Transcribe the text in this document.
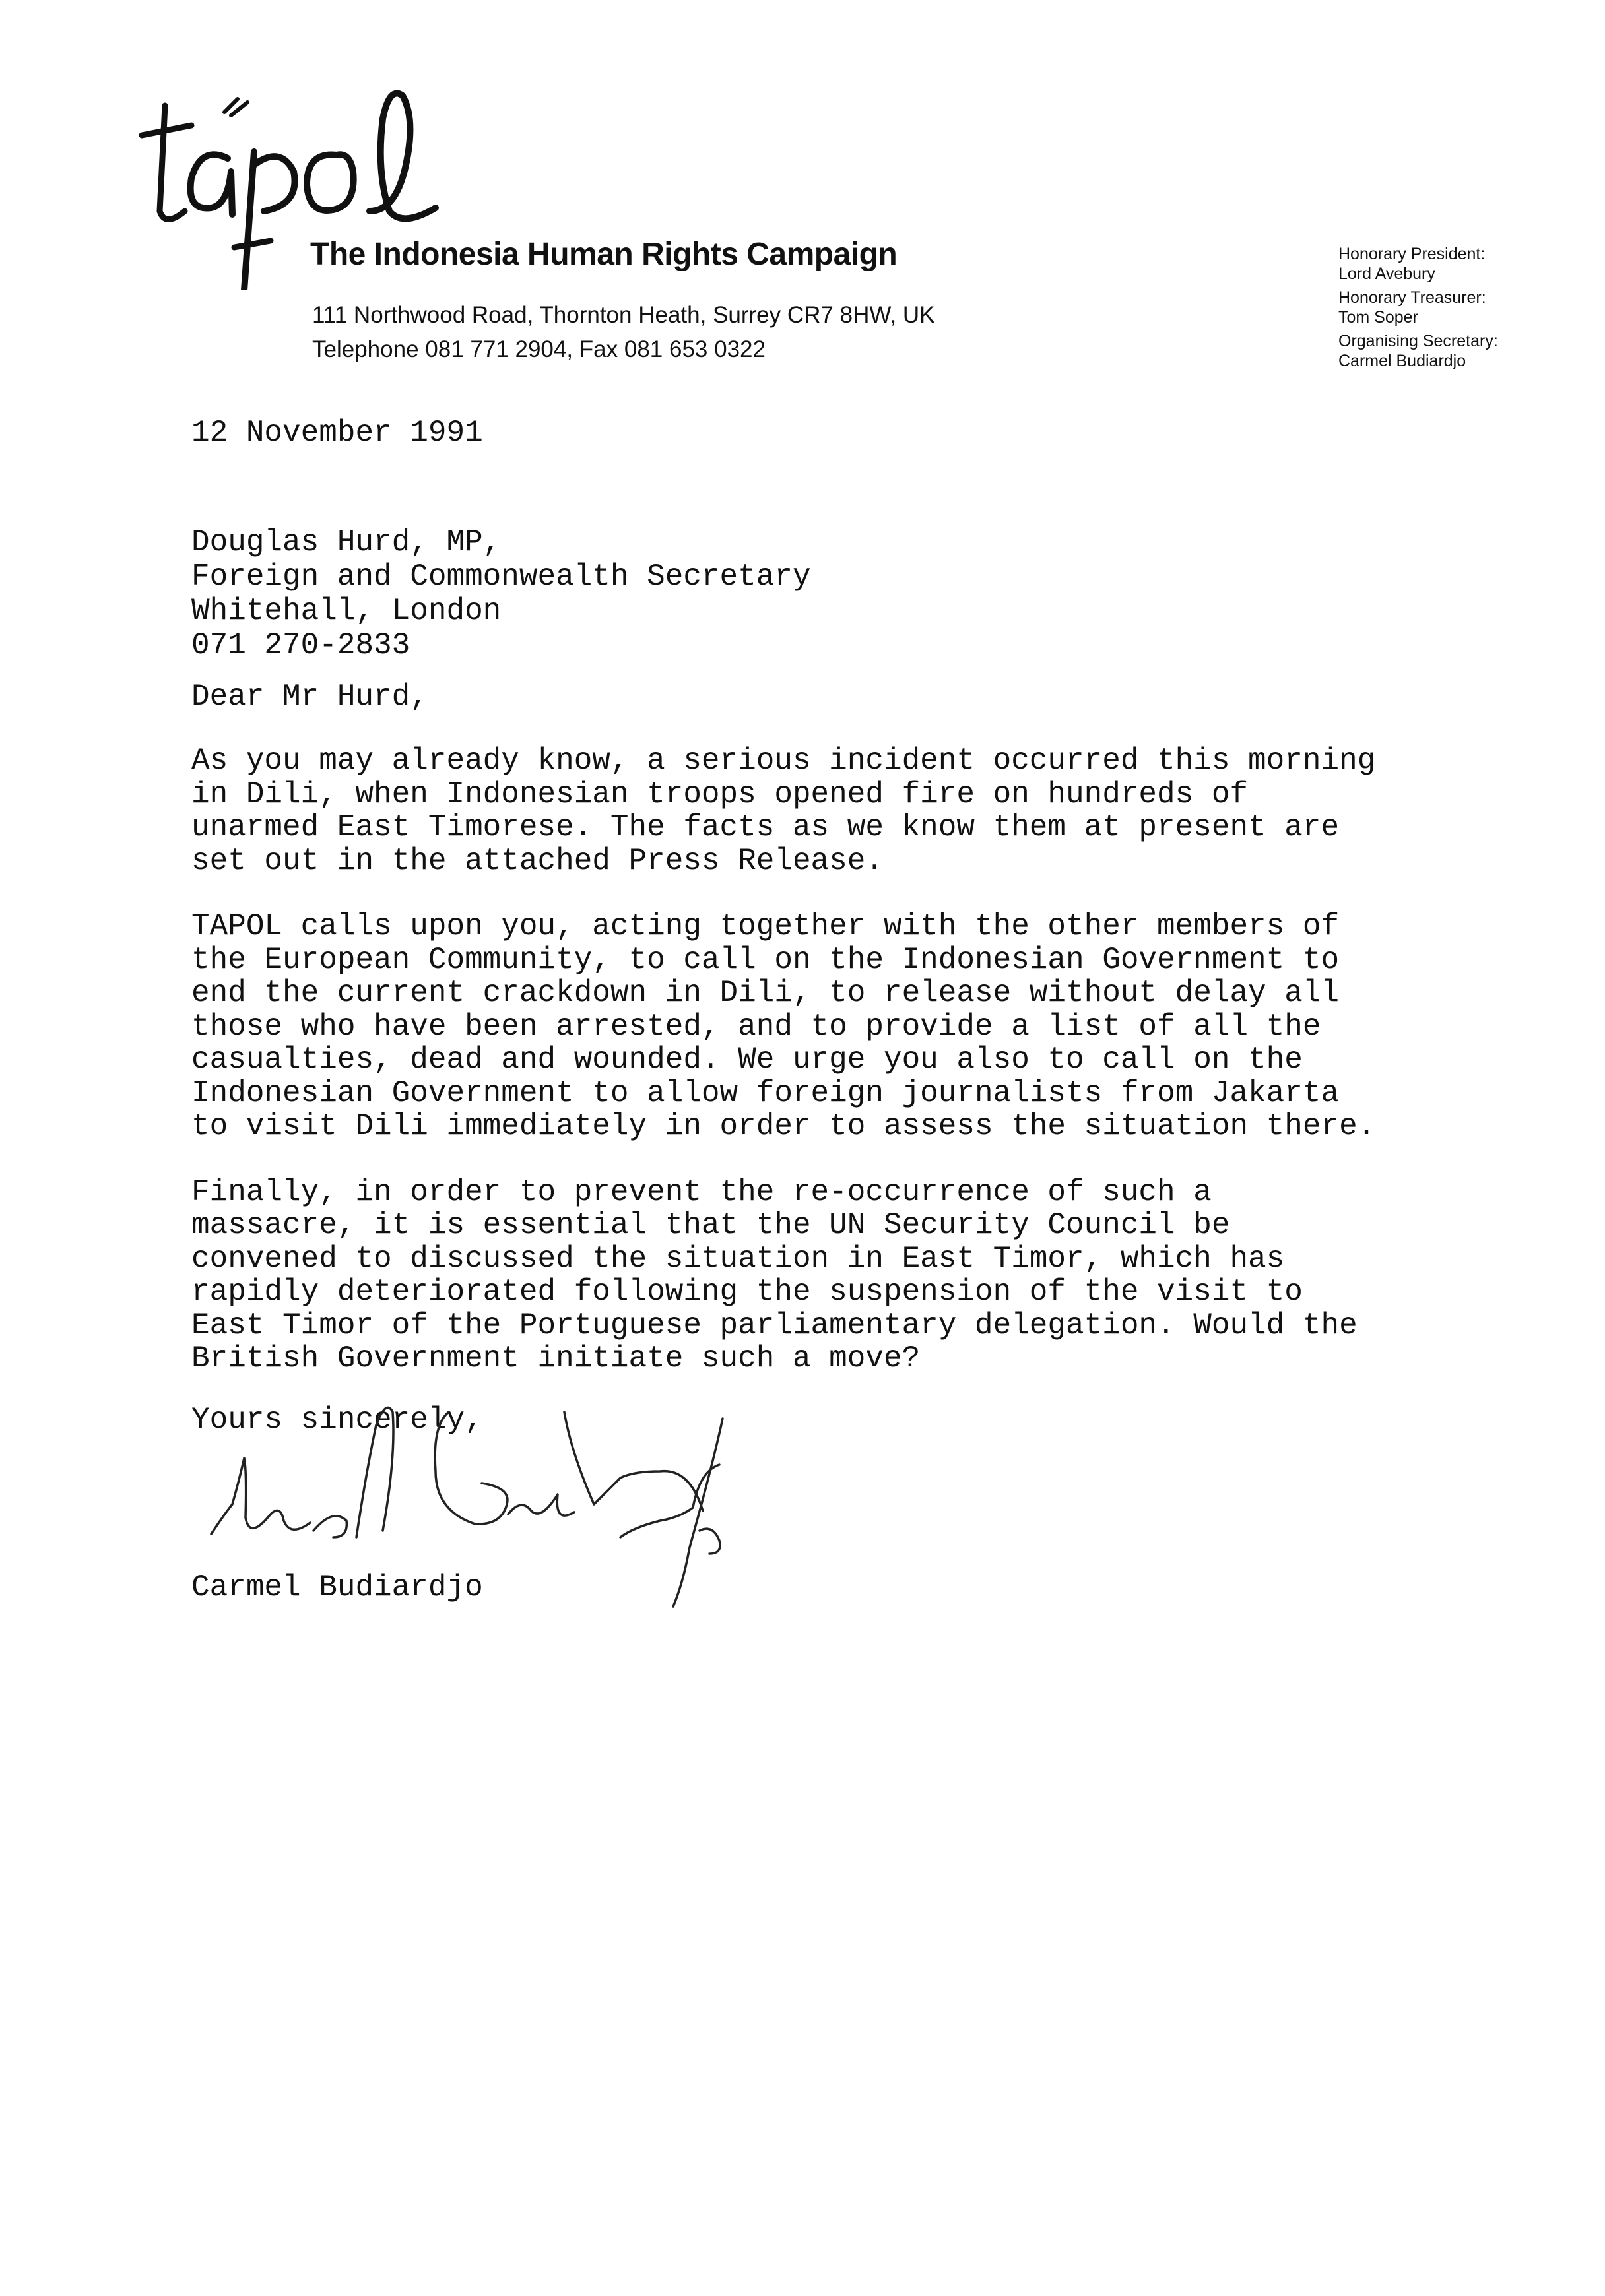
The Indonesia Human Rights Campaign
111 Northwood Road, Thornton Heath, Surrey CR7 8HW, UK
Telephone 081 771 2904, Fax 081 653 0322
Honorary President:
Lord Avebury
Honorary Treasurer:
Tom Soper
Organising Secretary:
Carmel Budiardjo
12 November 1991
Douglas Hurd, MP,
Foreign and Commonwealth Secretary
Whitehall, London
071 270-2833
Dear Mr Hurd,

As you may already know, a serious incident occurred this morning
in Dili, when Indonesian troops opened fire on hundreds of
unarmed East Timorese. The facts as we know them at present are
set out in the attached Press Release.

TAPOL calls upon you, acting together with the other members of
the European Community, to call on the Indonesian Government to
end the current crackdown in Dili, to release without delay all
those who have been arrested, and to provide a list of all the
casualties, dead and wounded. We urge you also to call on the
Indonesian Government to allow foreign journalists from Jakarta
to visit Dili immediately in order to assess the situation there.

Finally, in order to prevent the re-occurrence of such a
massacre, it is essential that the UN Security Council be
convened to discussed the situation in East Timor, which has
rapidly deteriorated following the suspension of the visit to
East Timor of the Portuguese parliamentary delegation. Would the
British Government initiate such a move?

Yours sincerely,
Carmel Budiardjo
